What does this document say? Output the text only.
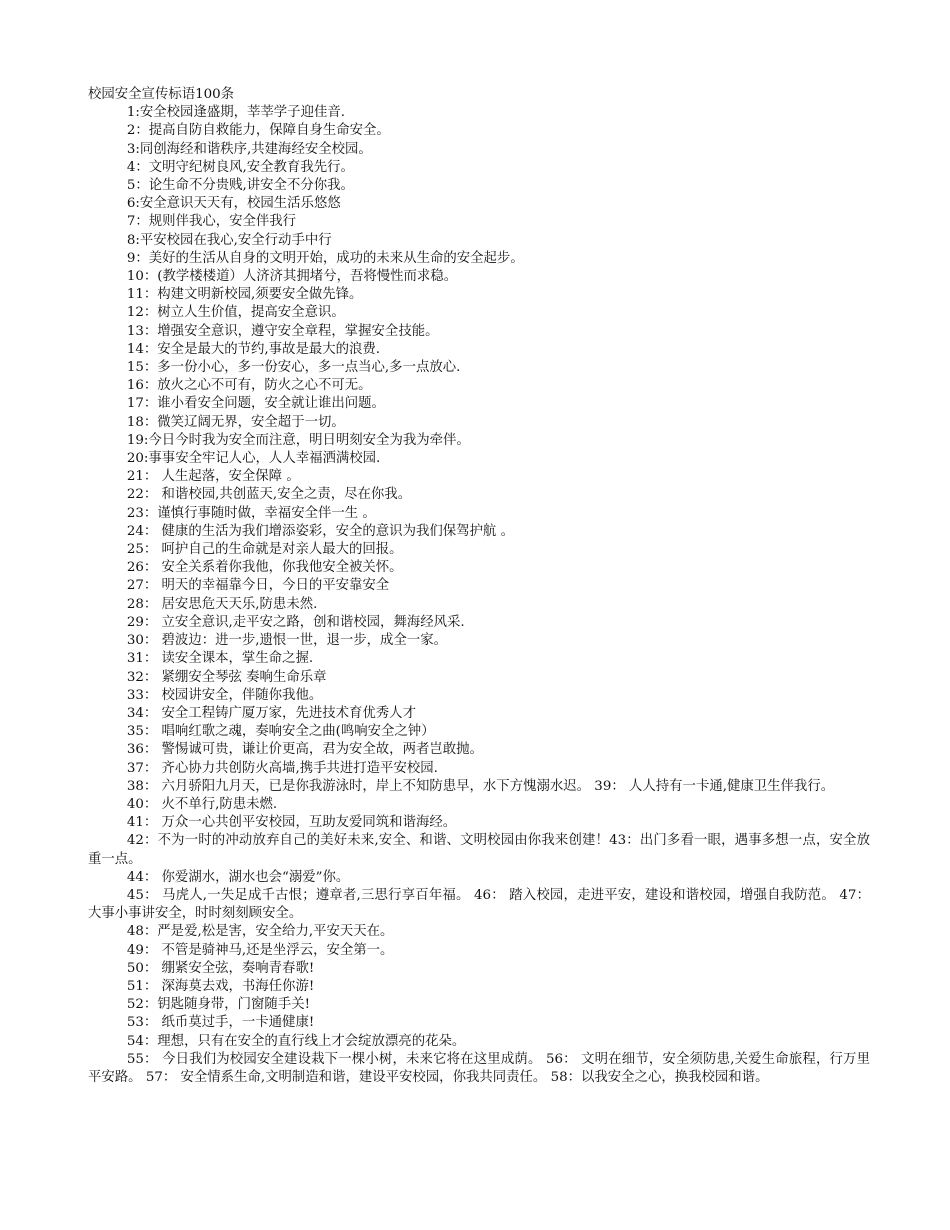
校园安全宣传标语100条
1:安全校园逢盛期，莘莘学子迎佳音.
2：提高自防自救能力，保障自身生命安全。
3:同创海经和谐秩序,共建海经安全校园。
4：文明守纪树良风,安全教育我先行。
5：论生命不分贵贱,讲安全不分你我。
6:安全意识天天有，校园生活乐悠悠
7：规则伴我心，安全伴我行
8:平安校园在我心,安全行动手中行
9：美好的生活从自身的文明开始，成功的未来从生命的安全起步。
10：(教学楼楼道）人济济其拥堵兮，吾将慢性而求稳。
11：构建文明新校园,须要安全做先锋。
12：树立人生价值，提高安全意识。
13：增强安全意识，遵守安全章程，掌握安全技能。
14：安全是最大的节约,事故是最大的浪费.
15：多一份小心，多一份安心，多一点当心,多一点放心.
16：放火之心不可有，防火之心不可无。
17：谁小看安全问题，安全就让谁出问题。
18：微笑辽阔无界，安全超于一切。
19:今日今时我为安全而注意，明日明刻安全为我为牵伴。
20:事事安全牢记人心，人人幸福洒满校园.
21： 人生起落，安全保障 。
22： 和谐校园,共创蓝天,安全之责，尽在你我。
23：谨慎行事随时做，幸福安全伴一生 。
24： 健康的生活为我们增添姿彩，安全的意识为我们保驾护航 。
25： 呵护自己的生命就是对亲人最大的回报。
26： 安全关系着你我他，你我他安全被关怀。
27： 明天的幸福靠今日，今日的平安靠安全
28： 居安思危天天乐,防患未然.
29： 立安全意识,走平安之路，创和谐校园，舞海经风采.
30： 碧波边：进一步,遗恨一世，退一步，成全一家。
31： 读安全课本，掌生命之握.
32： 紧绷安全琴弦 奏响生命乐章
33： 校园讲安全，伴随你我他。
34： 安全工程铸广厦万家，先进技术育优秀人才
35： 唱响红歌之魂，奏响安全之曲(鸣响安全之钟）
36： 警惕诚可贵，谦让价更高，君为安全故，两者岂敢抛。
37： 齐心协力共创防火高墙,携手共进打造平安校园.
38： 六月骄阳九月天，已是你我游泳时，岸上不知防患早，水下方愧溺水迟。 39： 人人持有一卡通,健康卫生伴我行。
40： 火不单行,防患未燃.
41： 万众一心共创平安校园，互助友爱同筑和谐海经。
42：不为一时的冲动放弃自己的美好未来,安全、和谐、文明校园由你我来创建！43：出门多看一眼，遇事多想一点，安全放重一点。
44： 你爱湖水，湖水也会“溺爱”你。
45： 马虎人,一失足成千古恨；遵章者,三思行享百年福。 46： 踏入校园，走进平安，建设和谐校园，增强自我防范。 47： 大事小事讲安全，时时刻刻顾安全。
48：严是爱,松是害，安全给力,平安天天在。
49： 不管是骑神马,还是坐浮云，安全第一。
50： 绷紧安全弦，奏响青春歌!
51： 深海莫去戏，书海任你游!
52：钥匙随身带，门窗随手关!
53： 纸币莫过手，一卡通健康!
54：理想，只有在安全的直行线上才会绽放漂亮的花朵。
55： 今日我们为校园安全建设栽下一棵小树，未来它将在这里成荫。 56： 文明在细节，安全须防患,关爱生命旅程，行万里平安路。 57： 安全情系生命,文明制造和谐，建设平安校园，你我共同责任。 58：以我安全之心，换我校园和谐。
